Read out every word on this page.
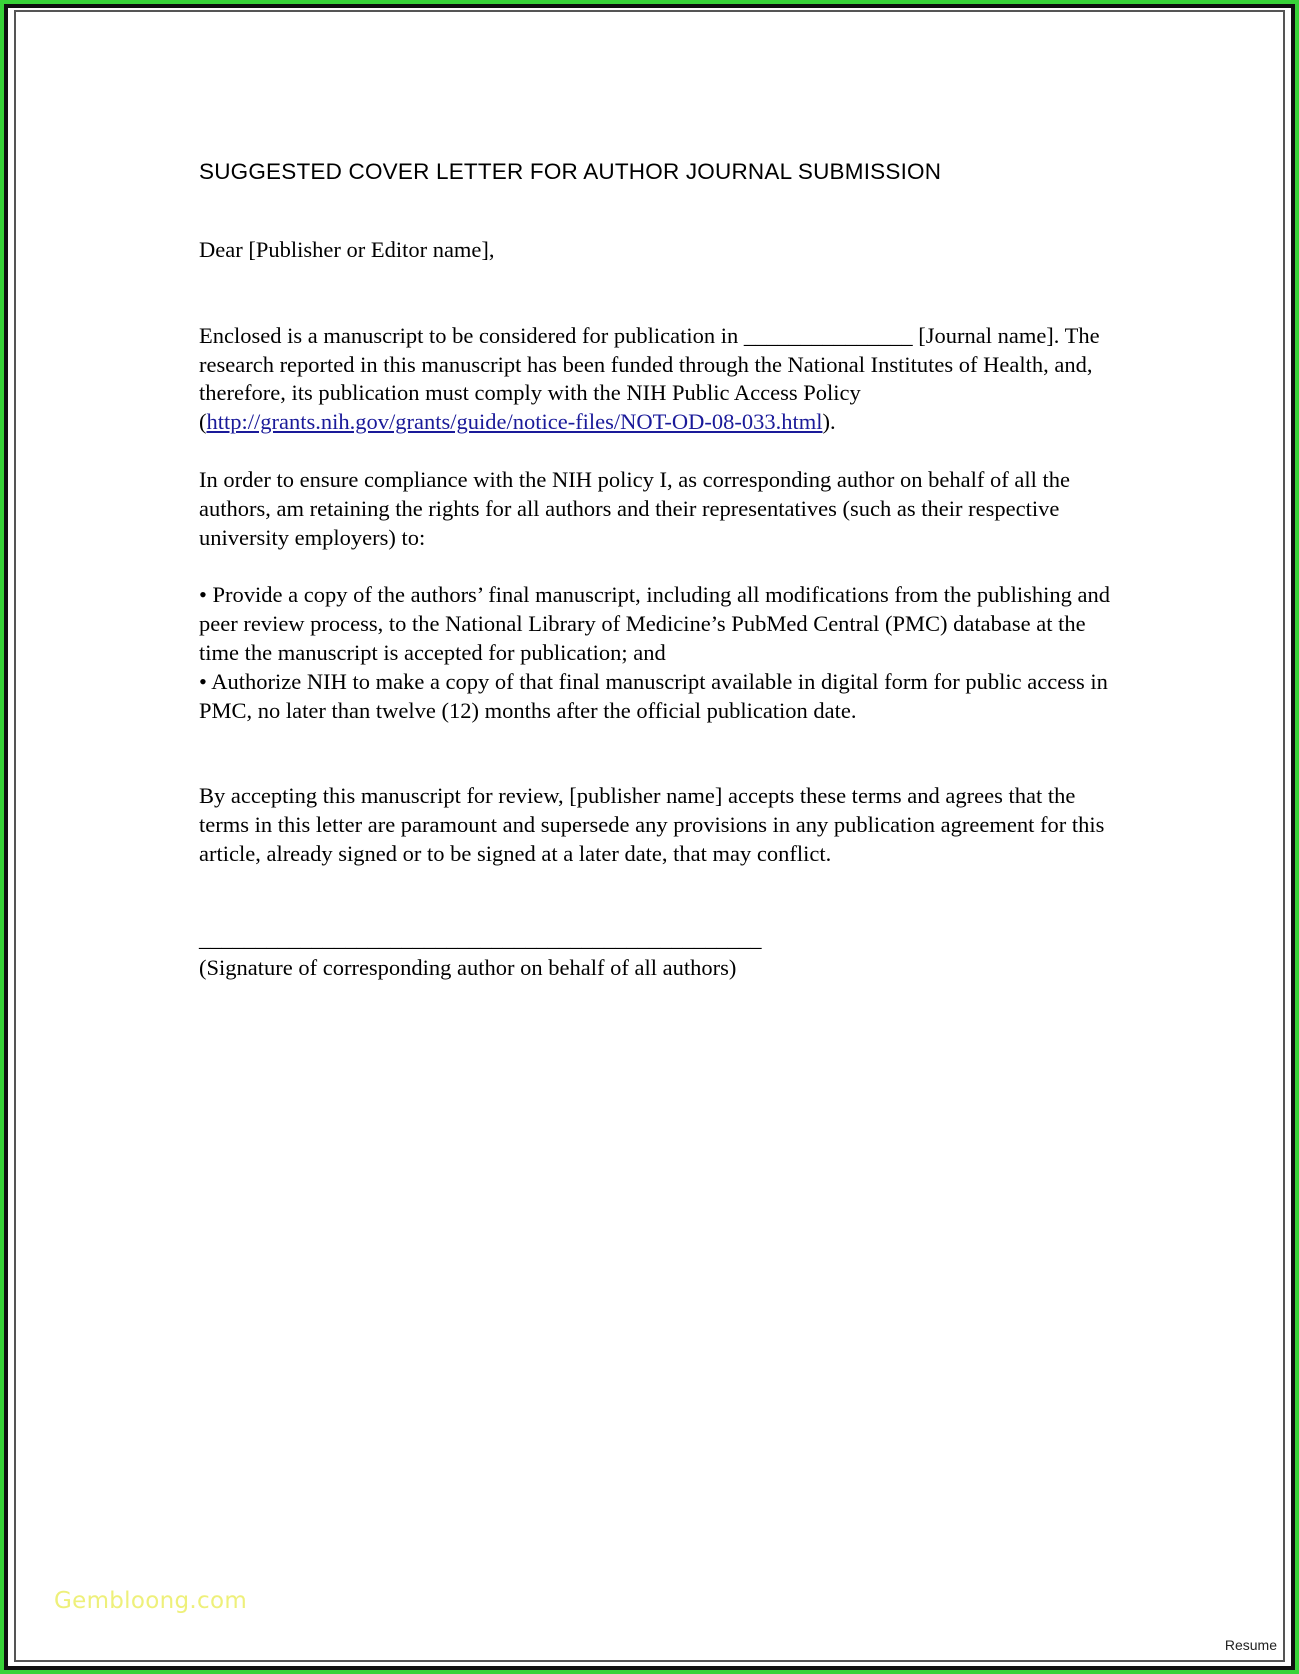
SUGGESTED COVER LETTER FOR AUTHOR JOURNAL SUBMISSION

Dear [Publisher or Editor name],

Enclosed is a manuscript to be considered for publication in _______________ [Journal name]. The research reported in this manuscript has been funded through the National Institutes of Health, and, therefore, its publication must comply with the NIH Public Access Policy (http://grants.nih.gov/grants/guide/notice-files/NOT-OD-08-033.html).

In order to ensure compliance with the NIH policy I, as corresponding author on behalf of all the authors, am retaining the rights for all authors and their representatives (such as their respective university employers) to:

• Provide a copy of the authors’ final manuscript, including all modifications from the publishing and peer review process, to the National Library of Medicine’s PubMed Central (PMC) database at the time the manuscript is accepted for publication; and

• Authorize NIH to make a copy of that final manuscript available in digital form for public access in PMC, no later than twelve (12) months after the official publication date.

By accepting this manuscript for review, [publisher name] accepts these terms and agrees that the terms in this letter are paramount and supersede any provisions in any publication agreement for this article, already signed or to be signed at a later date, that may conflict.

__________________________________________________

(Signature of corresponding author on behalf of all authors)

Gembloong.com
Resume
